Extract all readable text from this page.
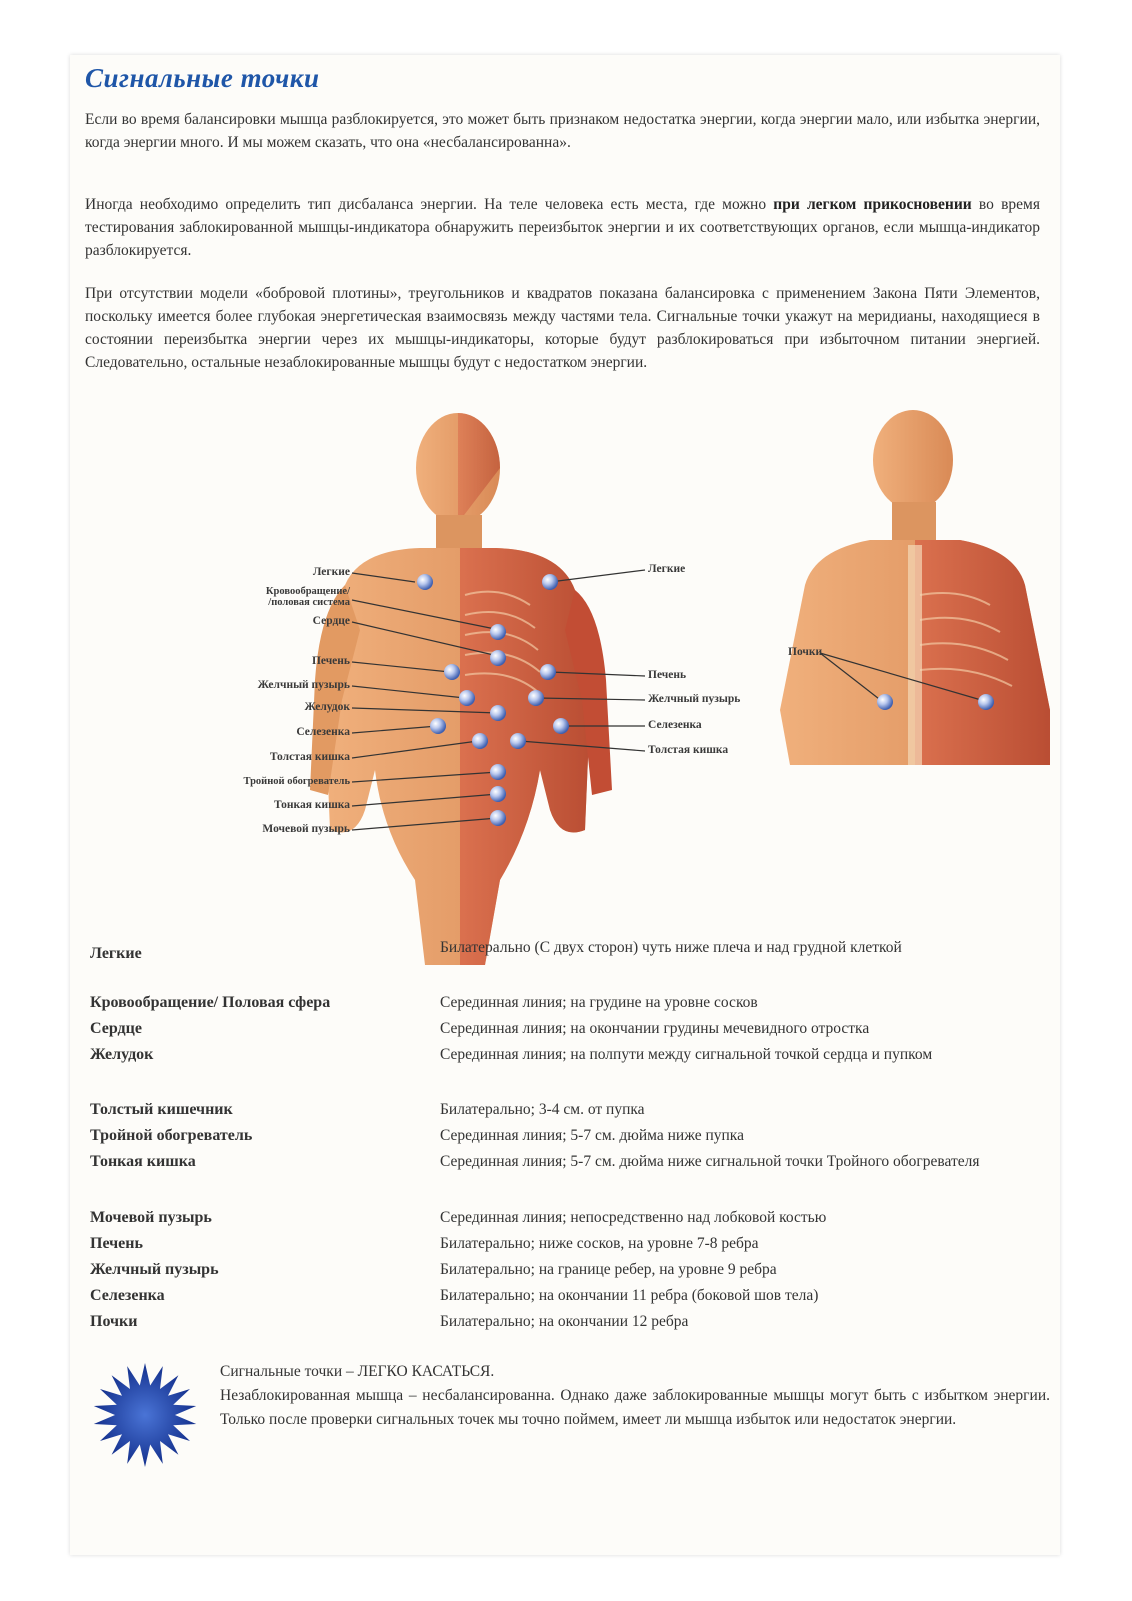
Сигнальные точки

Если во время балансировки мышца разблокируется, это может быть признаком недостатка энергии, когда энергии мало, или избытка энергии, когда энергии много. И мы можем сказать, что она «несбалансированна».

Иногда необходимо определить тип дисбаланса энергии. На теле человека есть места, где можно при легком прикосновении во время тестирования заблокированной мышцы-индикатора обнаружить переизбыток энергии и их соответствующих органов, если мышца-индикатор разблокируется.

При отсутствии модели «бобровой плотины», треугольников и квадратов показана балансировка с применением Закона Пяти Элементов, поскольку имеется более глубокая энергетическая взаимосвязь между частями тела. Сигнальные точки укажут на меридианы, находящиеся в состоянии переизбытка энергии через их мышцы-индикаторы, которые будут разблокироваться при избыточном питании энергией. Следовательно, остальные незаблокированные мышцы будут с недостатком энергии.

Легкие
Кровообращение/
/половая система
Сердце
Печень
Желчный пузырь
Желудок
Селезенка
Толстая кишка
Тройной обогреватель
Тонкая кишка
Мочевой пузырь
Легкие
Печень
Желчный пузырь
Селезенка
Толстая кишка
Почки
Легкие	Билатерально (С двух сторон) чуть ниже плеча и над грудной клеткой
Кровообращение/ Половая сфера	Серединная линия; на грудине на уровне сосков
Сердце	Серединная линия; на окончании грудины мечевидного отростка
Желудок	Серединная линия; на полпути между сигнальной точкой сердца и пупком
Толстый кишечник	Билатерально; 3-4 см. от пупка
Тройной обогреватель	Серединная линия; 5-7 см. дюйма ниже пупка
Тонкая кишка	Серединная линия; 5-7 см. дюйма ниже сигнальной точки Тройного обогревателя
Мочевой пузырь	Серединная линия; непосредственно над лобковой костью
Печень	Билатерально; ниже сосков, на уровне 7-8 ребра
Желчный пузырь	Билатерально; на границе ребер, на уровне 9 ребра
Селезенка	Билатерально; на окончании 11 ребра (боковой шов тела)
Почки	Билатерально; на окончании 12 ребра
Сигнальные точки – ЛЕГКО КАСАТЬСЯ.
Незаблокированная мышца – несбалансированна. Однако даже заблокированные мышцы могут быть с избытком энергии. Только после проверки сигнальных точек мы точно поймем, имеет ли мышца избыток или недостаток энергии.
